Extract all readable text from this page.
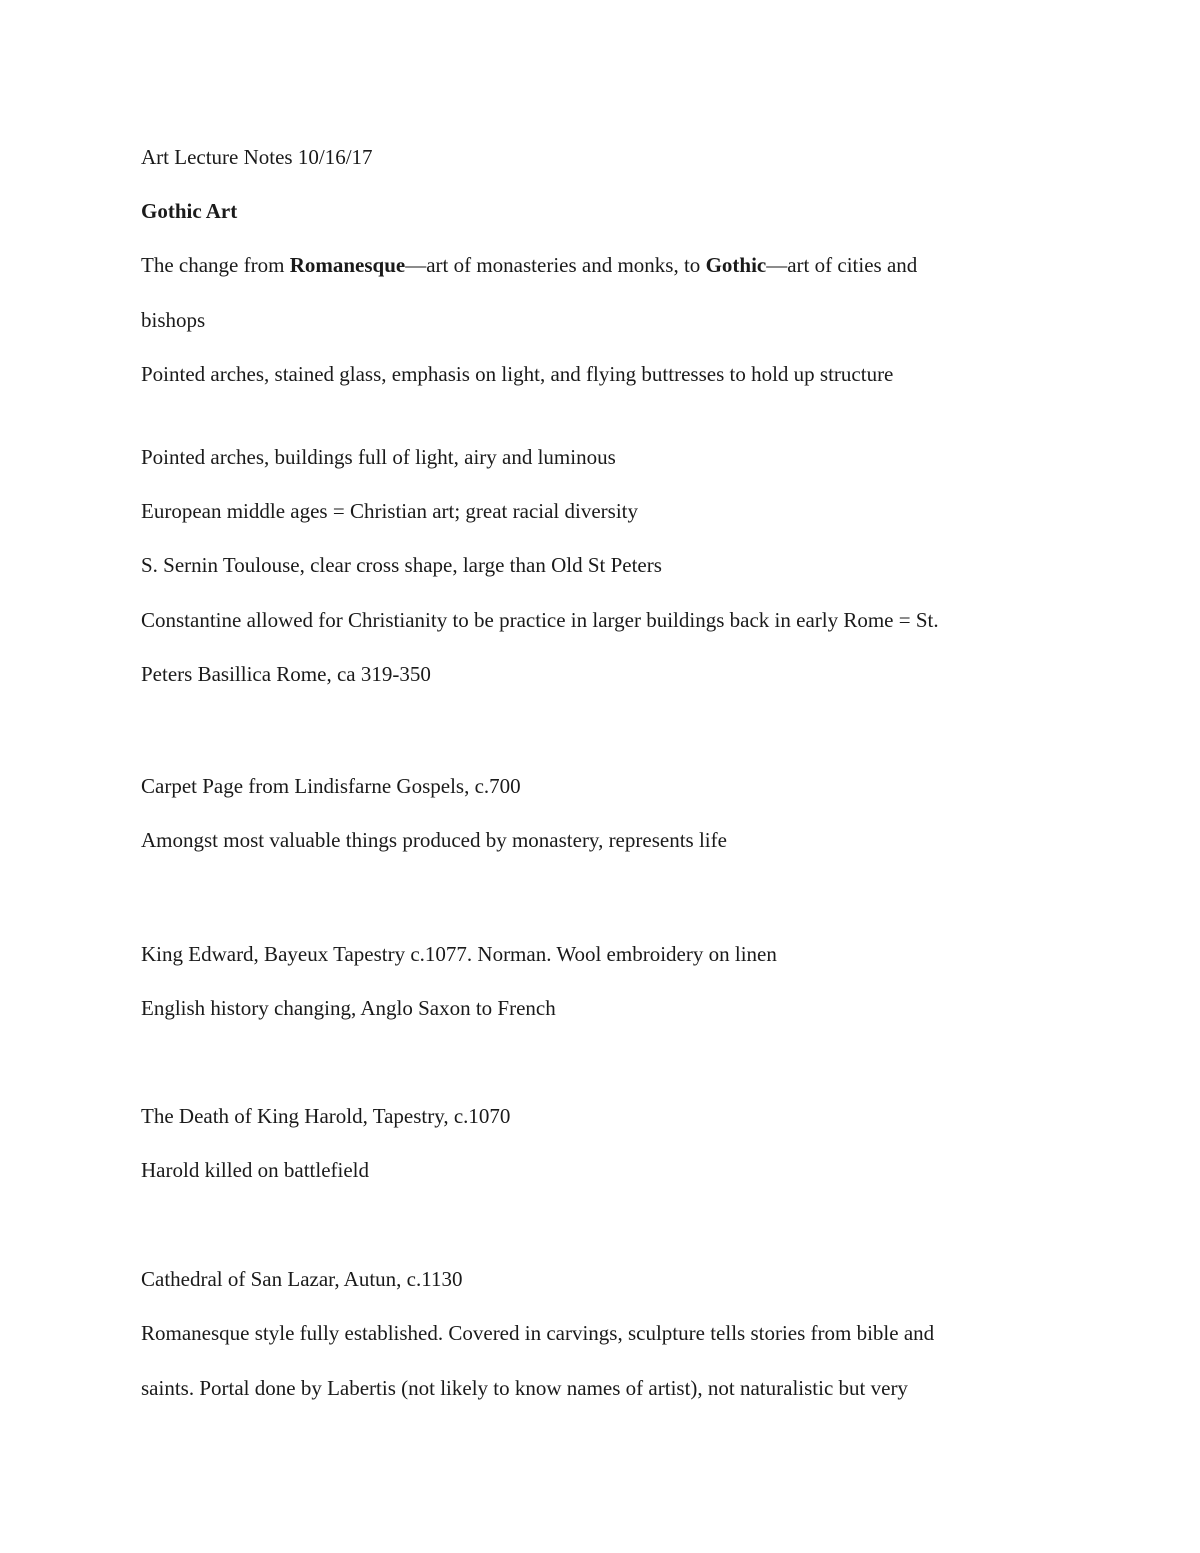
Art Lecture Notes 10/16/17
Gothic Art
The change from Romanesque—art of monasteries and monks, to Gothic—art of cities and
bishops
Pointed arches, stained glass, emphasis on light, and flying buttresses to hold up structure
Pointed arches, buildings full of light, airy and luminous
European middle ages = Christian art; great racial diversity
S. Sernin Toulouse, clear cross shape, large than Old St Peters
Constantine allowed for Christianity to be practice in larger buildings back in early Rome = St.
Peters Basillica Rome, ca 319-350
Carpet Page from Lindisfarne Gospels, c.700
Amongst most valuable things produced by monastery, represents life
King Edward, Bayeux Tapestry c.1077. Norman. Wool embroidery on linen
English history changing, Anglo Saxon to French
The Death of King Harold, Tapestry, c.1070
Harold killed on battlefield
Cathedral of San Lazar, Autun, c.1130
Romanesque style fully established. Covered in carvings, sculpture tells stories from bible and
saints. Portal done by Labertis (not likely to know names of artist), not naturalistic but very
